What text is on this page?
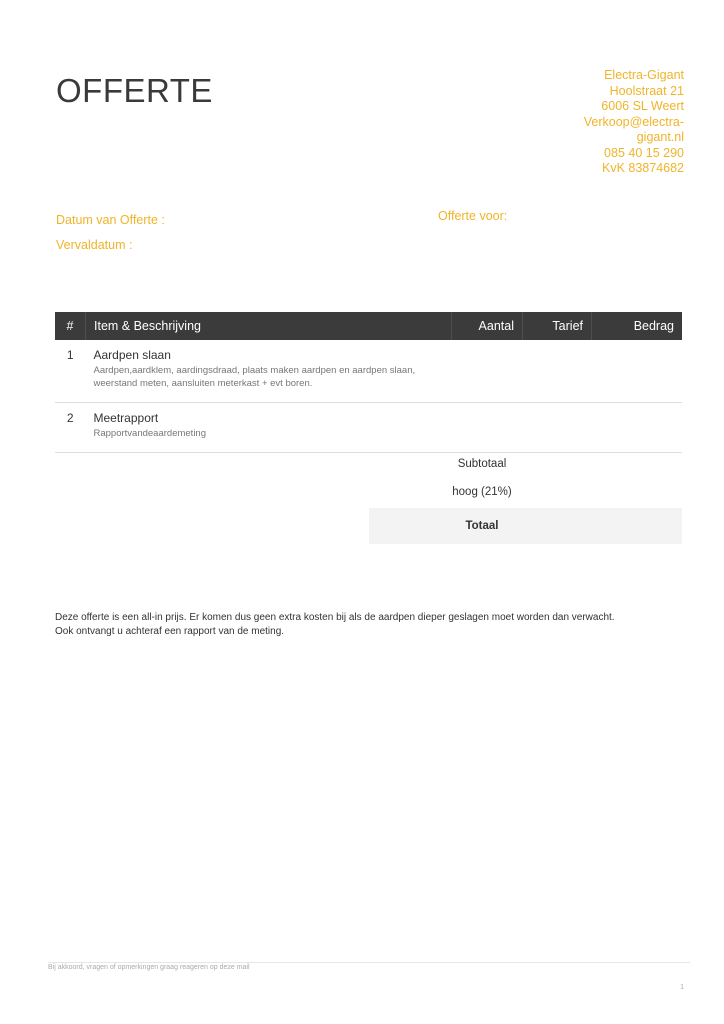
OFFERTE	Electra-Gigant
Hoolstraat 21
6006 SL Weert
Verkoop@electra-
gigant.nl
085 40 15 290
KvK 83874682
Datum van Offerte :
Vervaldatum :
Offerte voor:
#	Item & Beschrijving	Aantal	Tarief	Bedrag
1	Aardpen slaan
Aardpen,aardklem, aardingsdraad, plaats maken aardpen en aardpen slaan, weerstand meten, aansluiten meterkast + evt boren.			

2	Meetrapport
Rapportvandeaardemeting			

Subtotaal
hoog (21%)
Totaal
Deze offerte is een all-in prijs. Er komen dus geen extra kosten bij als de aardpen dieper geslagen moet worden dan verwacht.
Ook ontvangt u achteraf een rapport van de meting.
Bij akkoord, vragen of opmerkingen graag reageren op deze mail
1
